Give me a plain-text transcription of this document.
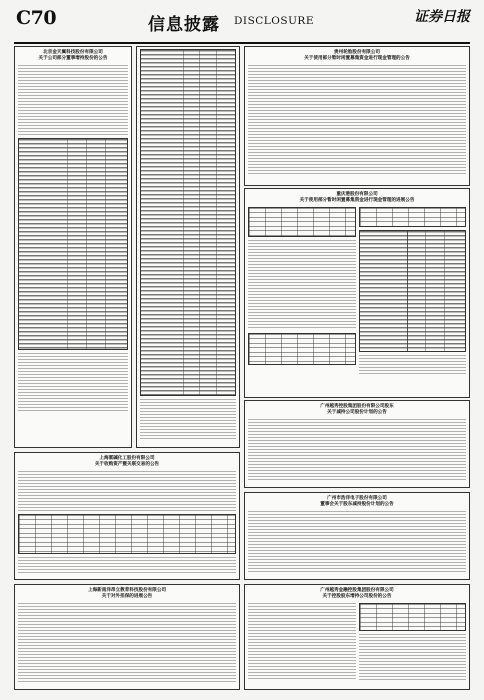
C70	信息披露 DISCLOSURE	证券日报
北京金天翼科技股份有限公司
关于公司部分董事增持股份的公告
贵州轮胎股份有限公司
关于使用部分暂时闲置募集资金进行现金管理的公告
重庆港股份有限公司
关于使用部分暂时闲置募集资金进行现金管理的进展公告
广州越秀控股集团股份有限公司股东
关于减持公司股份计划的公告
上海氯碱化工股份有限公司
关于收购资产暨关联交易的公告
上海新南洋昂立教育科技股份有限公司
关于对外担保的进展公告
广州市浩洋电子股份有限公司
董事会关于股东减持股份计划的公告
广州越秀金融控股集团股份有限公司
关于控股股东增持公司股份的公告
